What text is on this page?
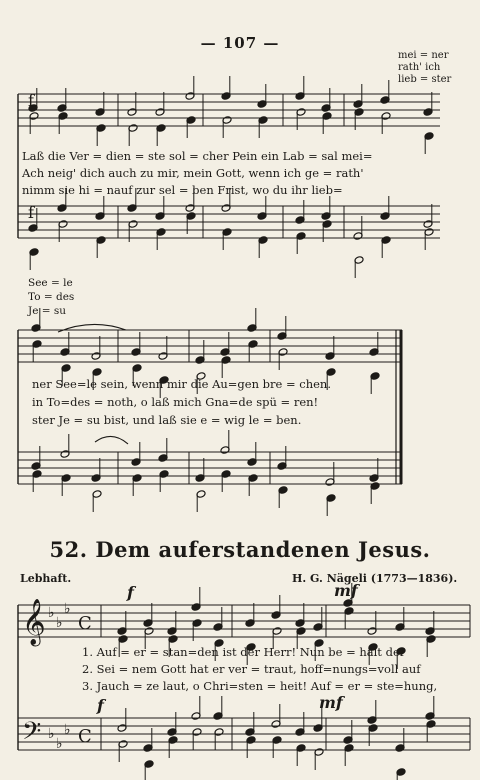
𝄞 ♭
♭
♭
C
𝄢 ♭
♭
♭ C
f
f
— 107 —
mei = ner
rath' ich
lieb = ster
Laß die Ver = dien = ste sol = cher Pein ein Lab = sal mei=
Ach neig' dich auch zu mir, mein Gott, wenn ich ge = rath'
nimm sie hi = nauf zur sel = ben Frist, wo du ihr lieb=
See = le
To = des
Je = su
ner See=le sein, wenn mir die Au=gen bre = chen.
in To=des = noth, o laß mich Gna=de spü = ren!
ster Je = su bist, und laß sie e = wig le = ben.
52. Dem auferstandenen Jesus.
Lebhaft.	H. G. Nägeli (1773—1836).
f	mf
f	mf
1. Auf = er = stan=den ist der Herr! Nun be = hält der
2. Sei = nem Gott hat er ver = traut, hoff=nungs=voll auf
3. Jauch = ze laut, o Chri=sten = heit! Auf = er = ste=hung,
